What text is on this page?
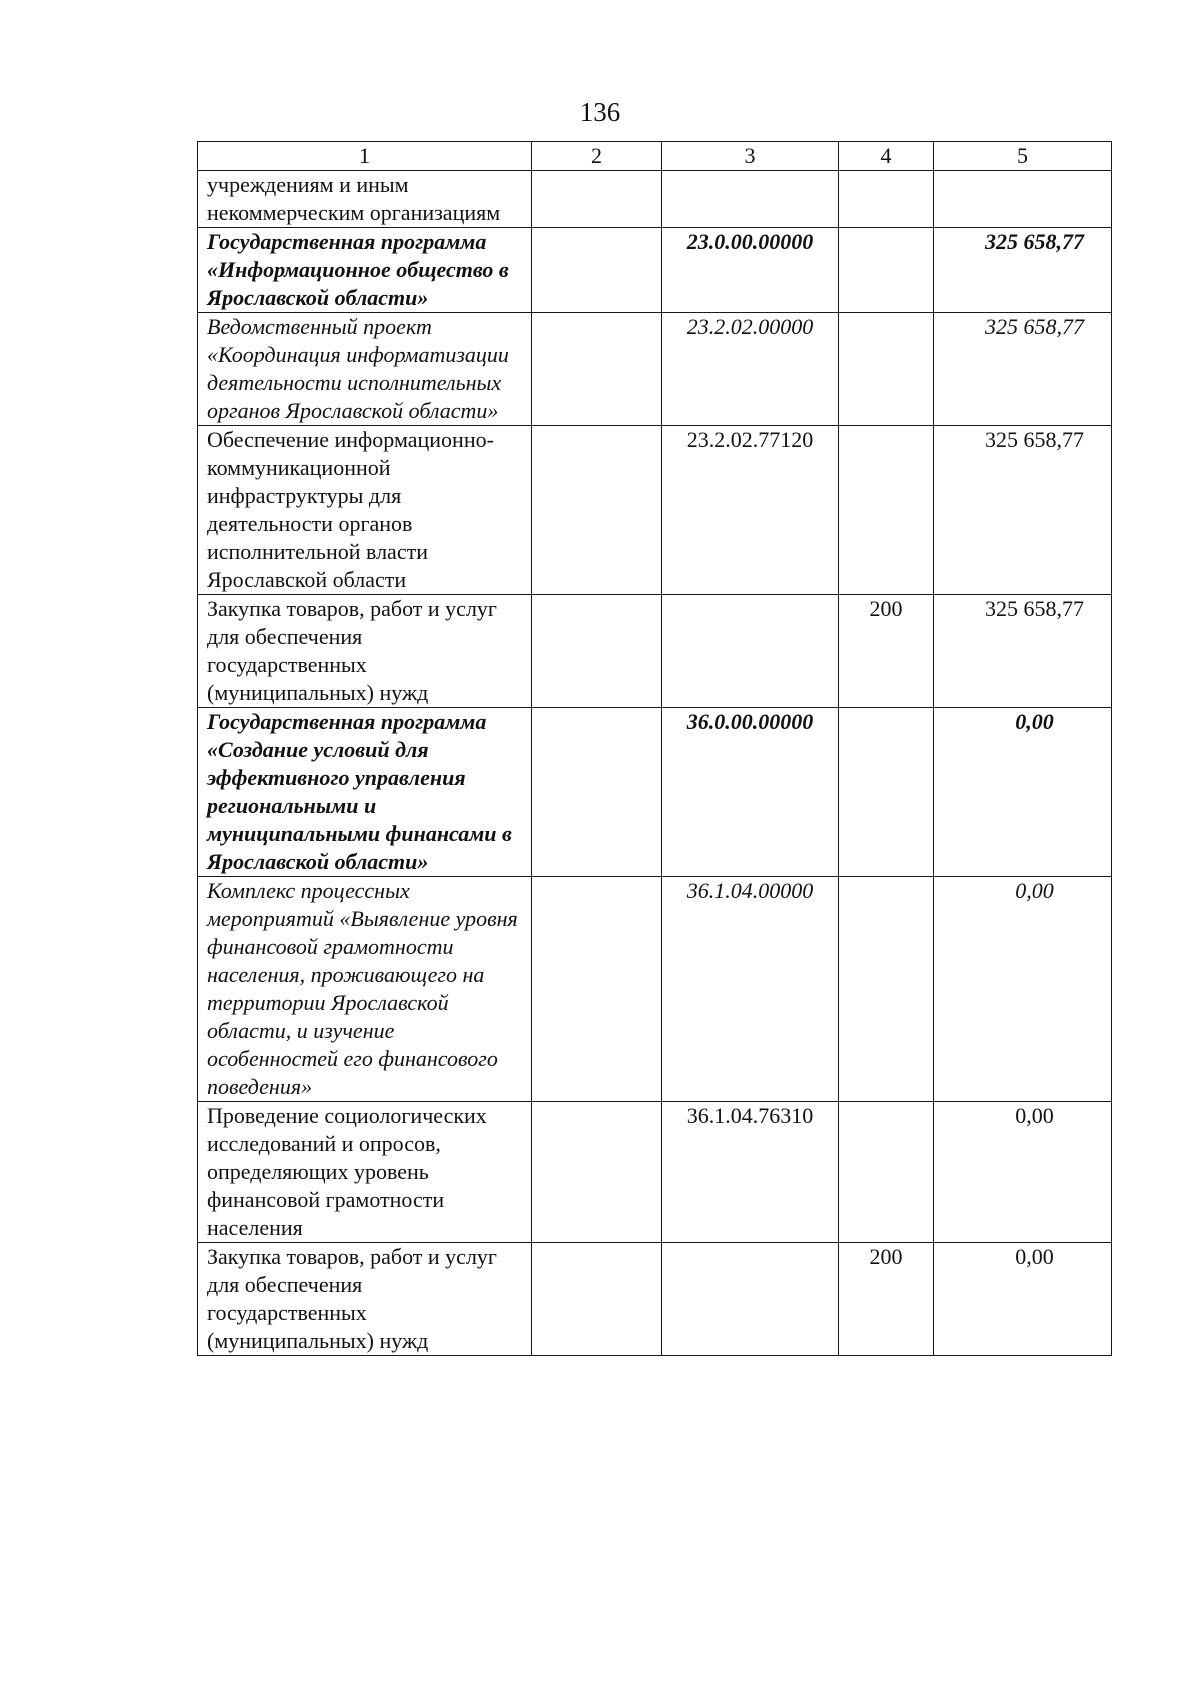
136
1	2	3	4	5
учреждениям и иным некоммерческим организациям				
Государственная программа «Информационное общество в Ярославской области»		23.0.00.00000		325 658,77
Ведомственный проект «Координация информатизации деятельности исполнительных органов Ярославской области»		23.2.02.00000		325 658,77
Обеспечение информационно-коммуникационной инфраструктуры для деятельности органов исполнительной власти Ярославской области		23.2.02.77120		325 658,77
Закупка товаров, работ и услуг для обеспечения государственных (муниципальных) нужд			200	325 658,77
Государственная программа «Создание условий для эффективного управления региональными и муниципальными финансами в Ярославской области»		36.0.00.00000		0,00
Комплекс процессных мероприятий «Выявление уровня финансовой грамотности населения, проживающего на территории Ярославской области, и изучение особенностей его финансового поведения»		36.1.04.00000		0,00
Проведение социологических исследований и опросов, определяющих уровень финансовой грамотности населения		36.1.04.76310		0,00
Закупка товаров, работ и услуг для обеспечения государственных (муниципальных) нужд			200	0,00
